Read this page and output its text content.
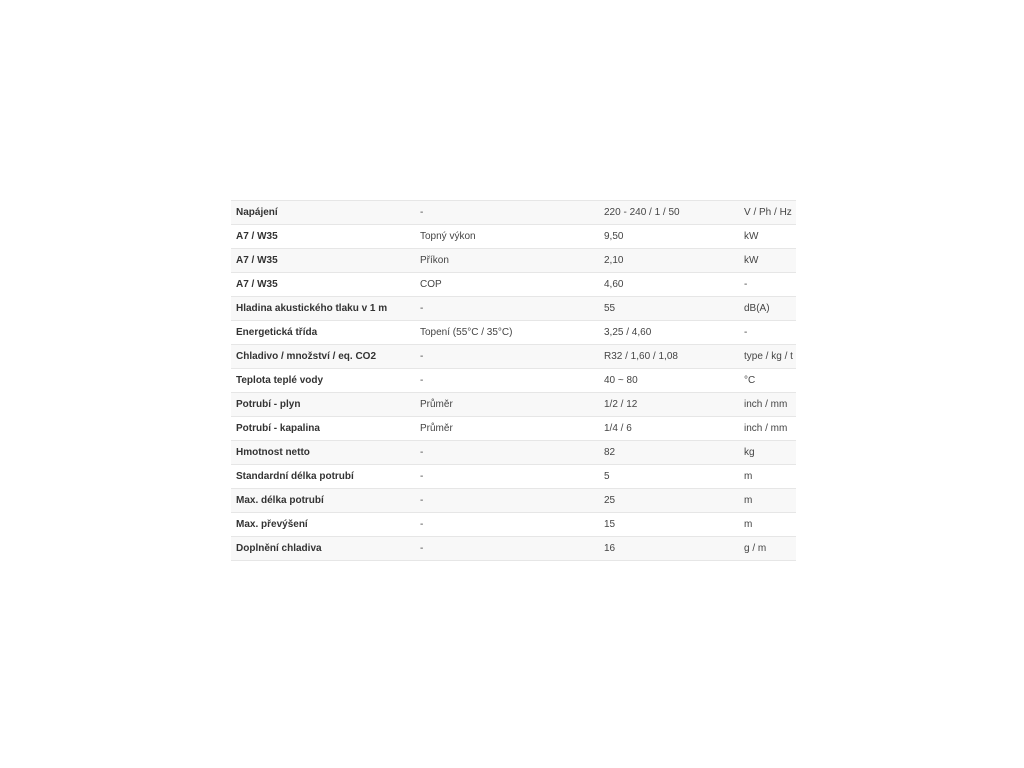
Napájení	-	220 - 240 / 1 / 50	V / Ph / Hz
A7 / W35	Topný výkon	9,50	kW
A7 / W35	Příkon	2,10	kW
A7 / W35	COP	4,60	-
Hladina akustického tlaku v 1 m	-	55	dB(A)
Energetická třída	Topení (55°C / 35°C)	3,25 / 4,60	-
Chladivo / množství / eq. CO2	-	R32 / 1,60 / 1,08	type / kg / t
Teplota teplé vody	-	40 ~ 80	°C
Potrubí - plyn	Průměr	1/2 / 12	inch / mm
Potrubí - kapalina	Průměr	1/4 / 6	inch / mm
Hmotnost netto	-	82	kg
Standardní délka potrubí	-	5	m
Max. délka potrubí	-	25	m
Max. převýšení	-	15	m
Doplnění chladiva	-	16	g / m
